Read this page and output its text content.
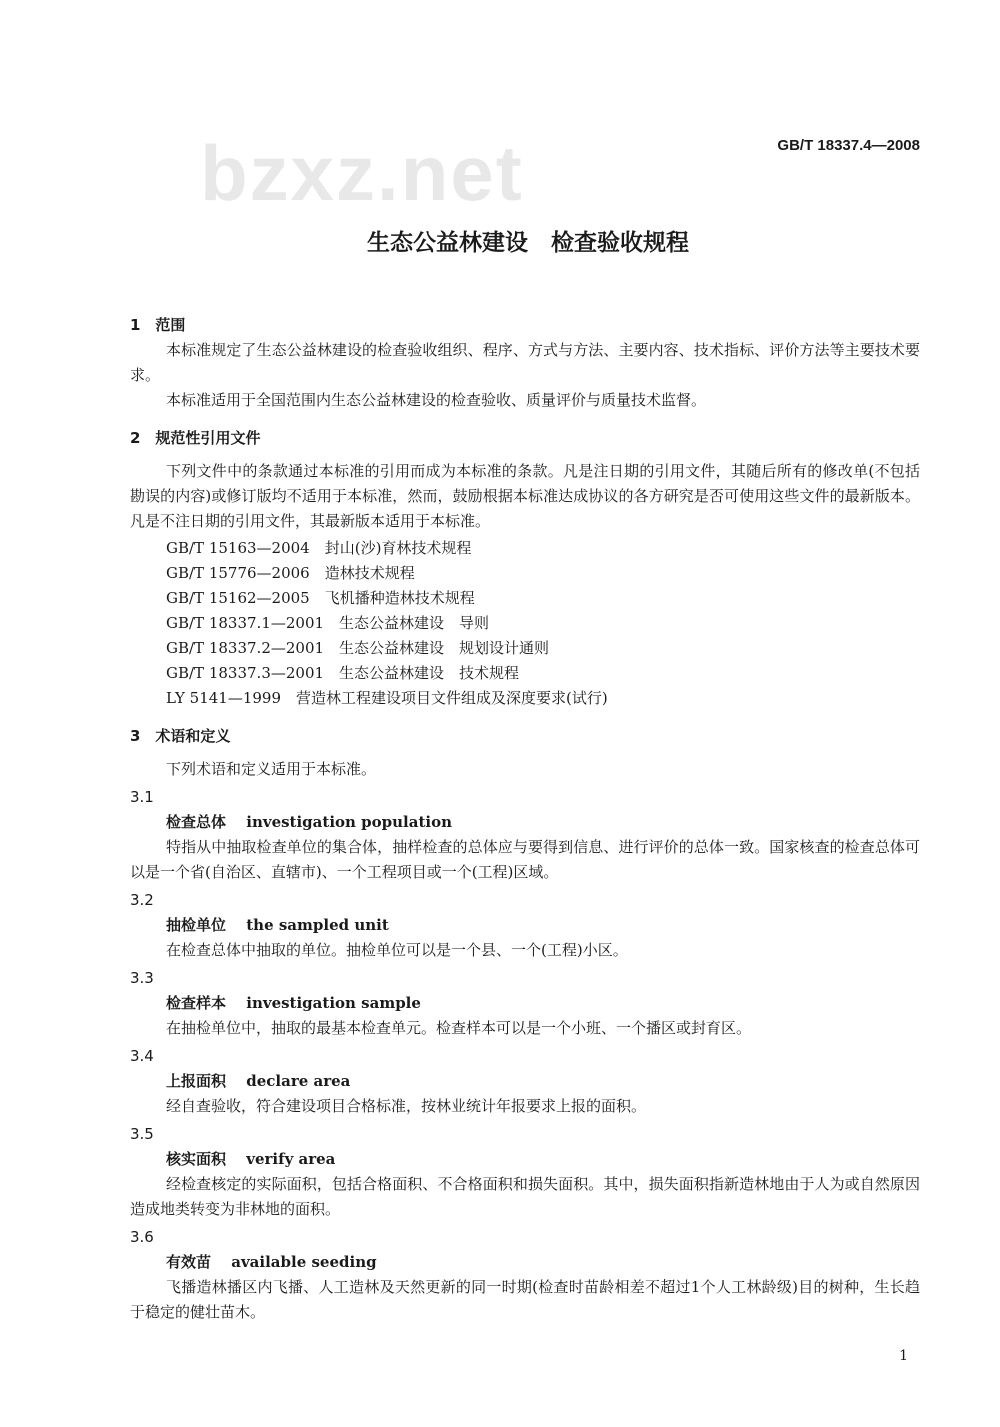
bzxz.net	GB/T 18337.4—2008
生态公益林建设　检查验收规程
1　范围

本标准规定了生态公益林建设的检查验收组织、程序、方式与方法、主要内容、技术指标、评价方法等主要技术要求。

本标准适用于全国范围内生态公益林建设的检查验收、质量评价与质量技术监督。

2　规范性引用文件

下列文件中的条款通过本标准的引用而成为本标准的条款。凡是注日期的引用文件，其随后所有的修改单(不包括勘误的内容)或修订版均不适用于本标准，然而，鼓励根据本标准达成协议的各方研究是否可使用这些文件的最新版本。凡是不注日期的引用文件，其最新版本适用于本标准。

GB/T 15163—2004　封山(沙)育林技术规程
GB/T 15776—2006　造林技术规程
GB/T 15162—2005　飞机播种造林技术规程
GB/T 18337.1—2001　生态公益林建设　导则
GB/T 18337.2—2001　生态公益林建设　规划设计通则
GB/T 18337.3—2001　生态公益林建设　技术规程
LY 5141—1999　营造林工程建设项目文件组成及深度要求(试行)
3　术语和定义

下列术语和定义适用于本标准。

3.1
检查总体　 investigation population

特指从中抽取检查单位的集合体，抽样检查的总体应与要得到信息、进行评价的总体一致。国家核查的检查总体可以是一个省(自治区、直辖市)、一个工程项目或一个(工程)区域。

3.2
抽检单位　 the sampled unit

在检查总体中抽取的单位。抽检单位可以是一个县、一个(工程)小区。

3.3
检查样本　 investigation sample

在抽检单位中，抽取的最基本检查单元。检查样本可以是一个小班、一个播区或封育区。

3.4
上报面积　 declare area

经自查验收，符合建设项目合格标准，按林业统计年报要求上报的面积。

3.5
核实面积　 verify area

经检查核定的实际面积，包括合格面积、不合格面积和损失面积。其中，损失面积指新造林地由于人为或自然原因造成地类转变为非林地的面积。

3.6
有效苗　 available seeding

飞播造林播区内飞播、人工造林及天然更新的同一时期(检查时苗龄相差不超过1个人工林龄级)目的树种，生长趋于稳定的健壮苗木。

1
